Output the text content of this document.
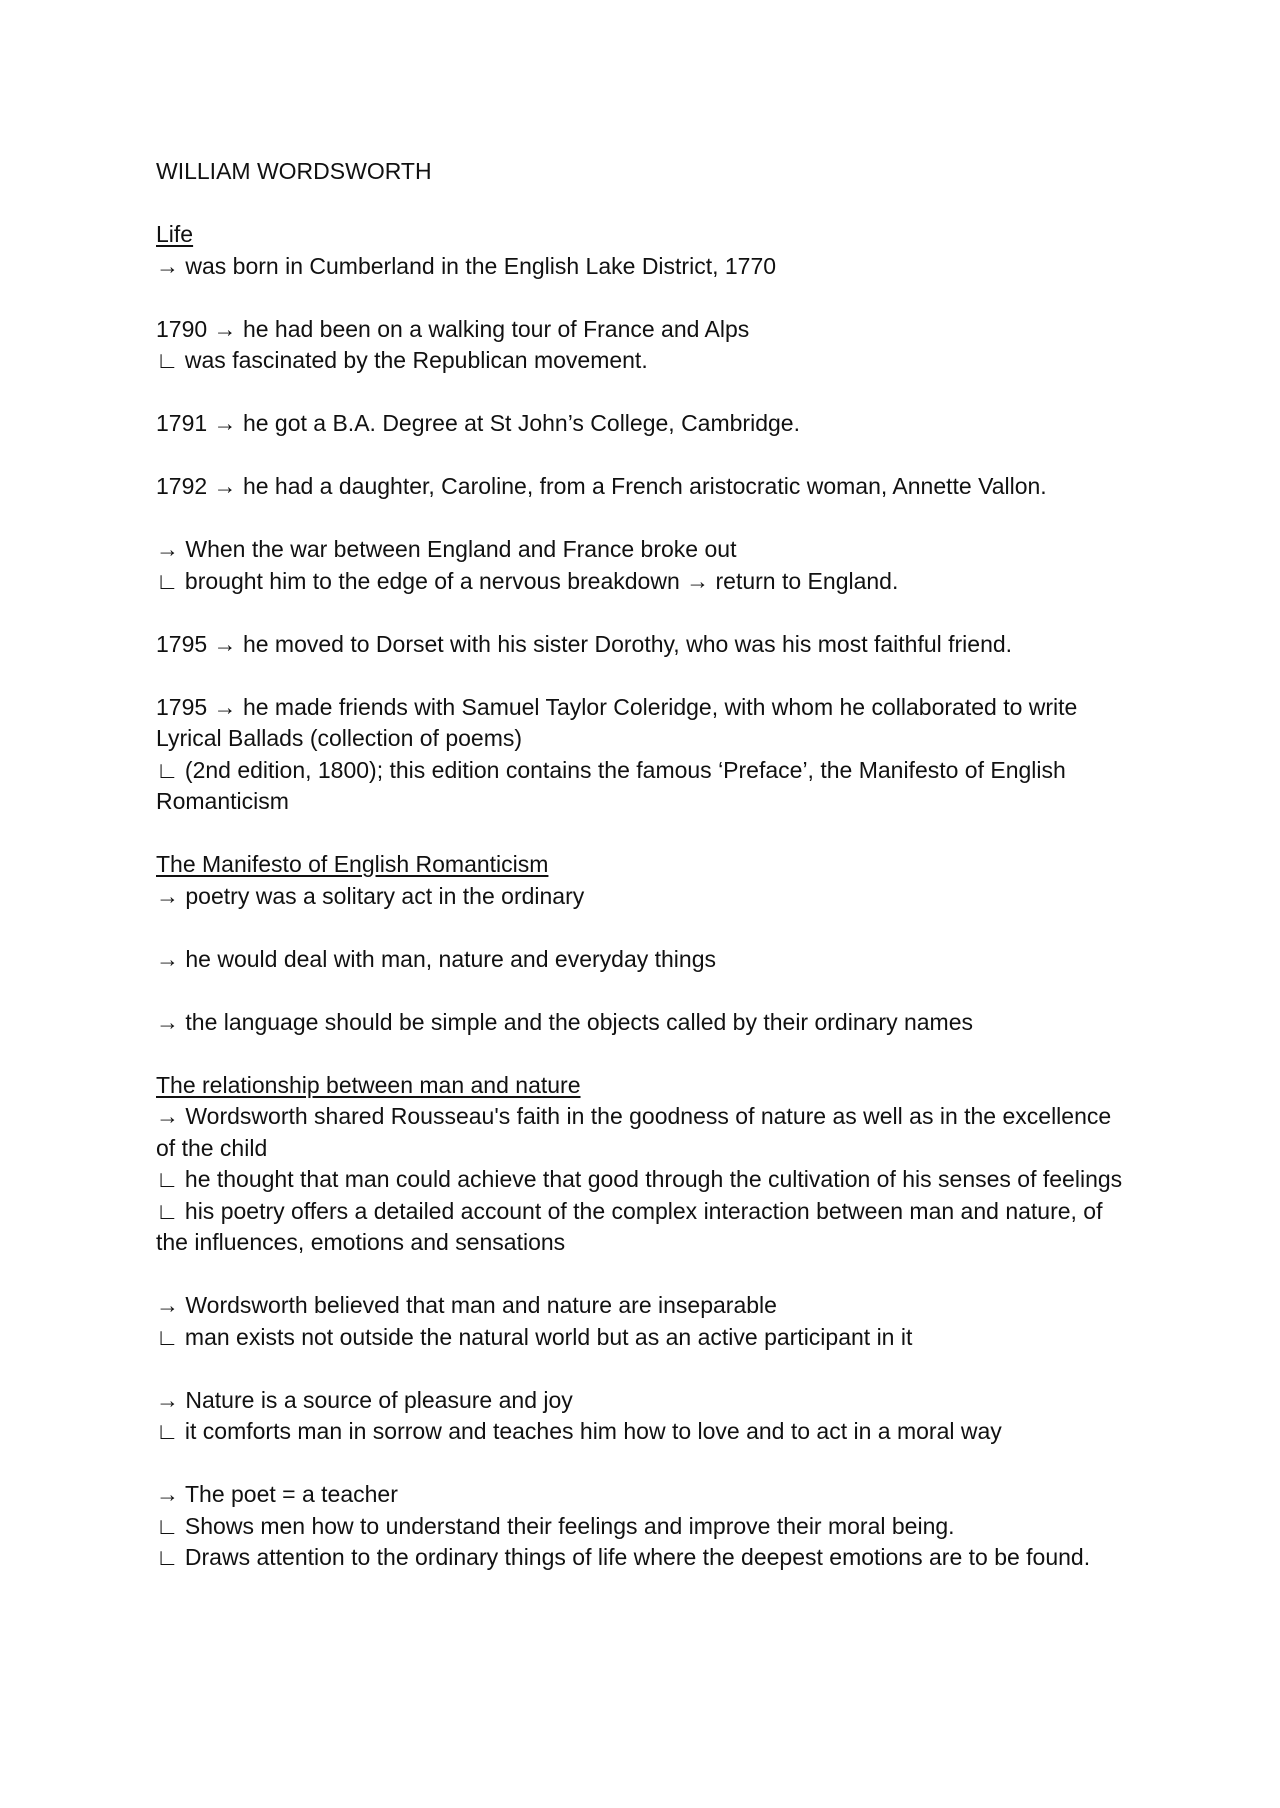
WILLIAM WORDSWORTH
Life
→ was born in Cumberland in the English Lake District, 1770
1790 → he had been on a walking tour of France and Alps
∟ was fascinated by the Republican movement.
1791 → he got a B.A. Degree at St John’s College, Cambridge.
1792 → he had a daughter, Caroline, from a French aristocratic woman, Annette Vallon.
→ When the war between England and France broke out
∟ brought him to the edge of a nervous breakdown → return to England.
1795 → he moved to Dorset with his sister Dorothy, who was his most faithful friend.
1795 → he made friends with Samuel Taylor Coleridge, with whom he collaborated to write Lyrical Ballads (collection of poems)
∟ (2nd edition, 1800); this edition contains the famous ‘Preface’, the Manifesto of English Romanticism
The Manifesto of English Romanticism
→ poetry was a solitary act in the ordinary
→ he would deal with man, nature and everyday things
→ the language should be simple and the objects called by their ordinary names
The relationship between man and nature
→ Wordsworth shared Rousseau's faith in the goodness of nature as well as in the excellence of the child
∟ he thought that man could achieve that good through the cultivation of his senses of feelings
∟ his poetry offers a detailed account of the complex interaction between man and nature, of the influences, emotions and sensations
→ Wordsworth believed that man and nature are inseparable
∟ man exists not outside the natural world but as an active participant in it
→ Nature is a source of pleasure and joy
∟ it comforts man in sorrow and teaches him how to love and to act in a moral way
→ The poet = a teacher
∟ Shows men how to understand their feelings and improve their moral being.
∟ Draws attention to the ordinary things of life where the deepest emotions are to be found.
